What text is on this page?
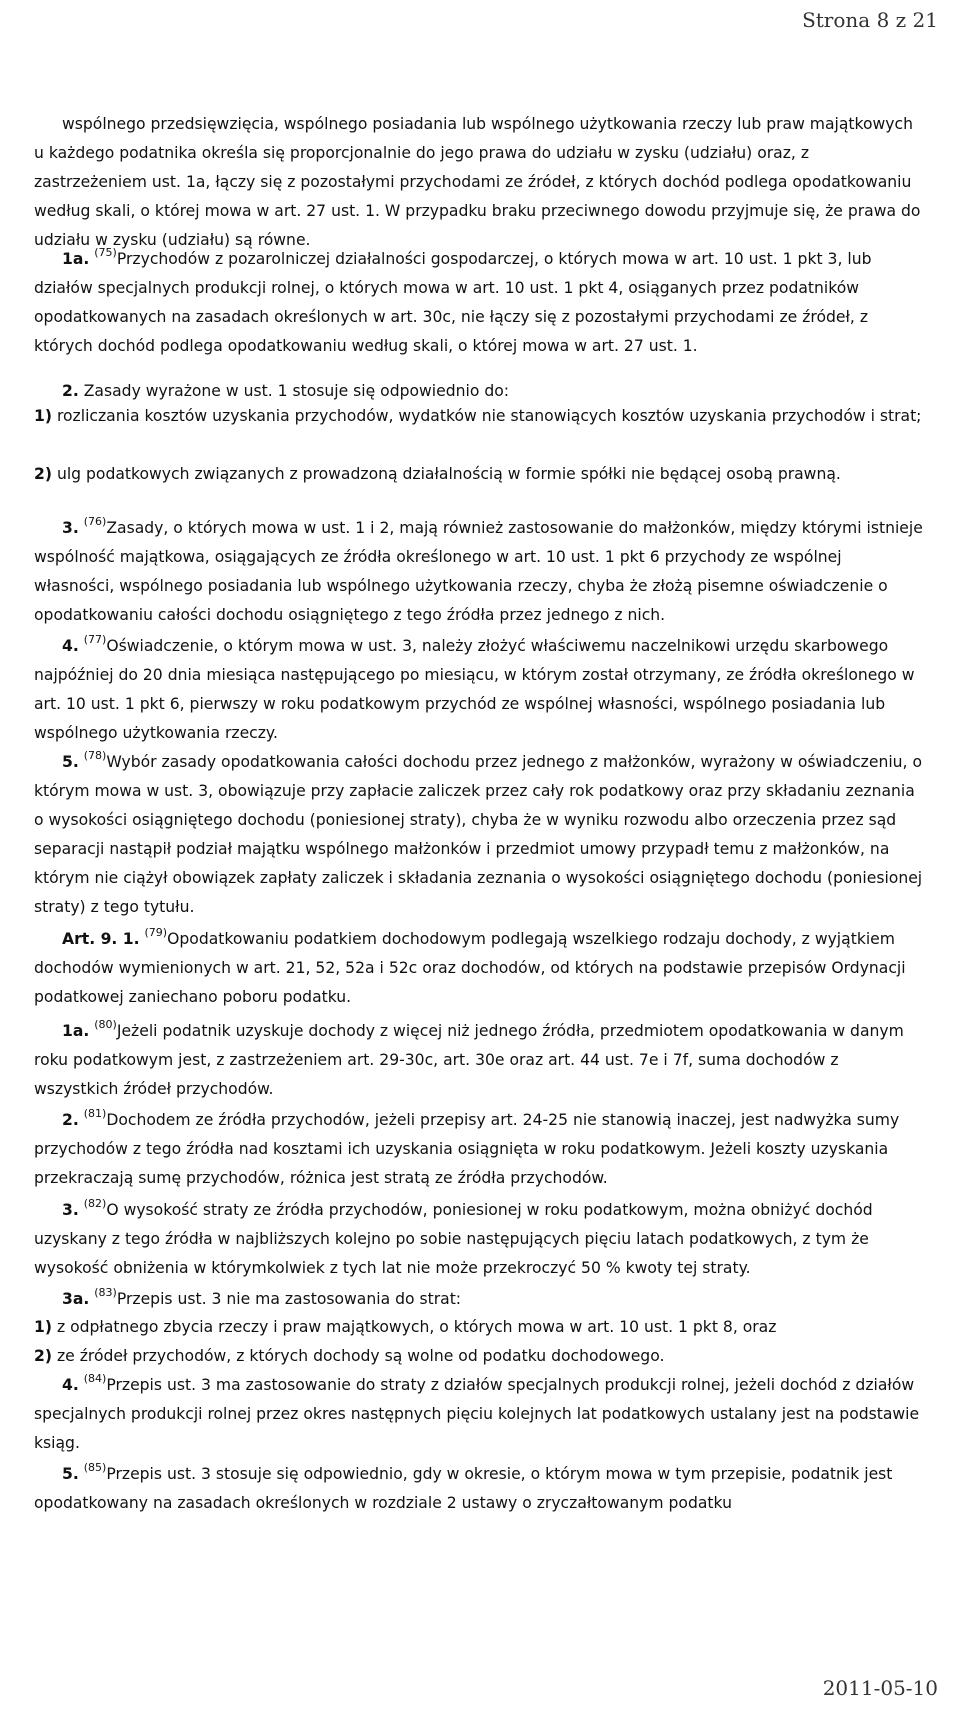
Strona 8 z 21
wspólnego przedsięwzięcia, wspólnego posiadania lub wspólnego użytkowania rzeczy lub praw majątkowych u każdego podatnika określa się proporcjonalnie do jego prawa do udziału w zysku (udziału) oraz, z zastrzeżeniem ust. 1a, łączy się z pozostałymi przychodami ze źródeł, z których dochód podlega opodatkowaniu według skali, o której mowa w art. 27 ust. 1. W przypadku braku przeciwnego dowodu przyjmuje się, że prawa do udziału w zysku (udziału) są równe.
1a. $^{(75)}$Przychodów z pozarolniczej działalności gospodarczej, o których mowa w art. 10 ust. 1 pkt 3, lub działów specjalnych produkcji rolnej, o których mowa w art. 10 ust. 1 pkt 4, osiąganych przez podatników opodatkowanych na zasadach określonych w art. 30c, nie łączy się z pozostałymi przychodami ze źródeł, z których dochód podlega opodatkowaniu według skali, o której mowa w art. 27 ust. 1.
2. Zasady wyrażone w ust. 1 stosuje się odpowiednio do:
1) rozliczania kosztów uzyskania przychodów, wydatków nie stanowiących kosztów uzyskania przychodów i strat;
2) ulg podatkowych związanych z prowadzoną działalnością w formie spółki nie będącej osobą prawną.
3. $^{(76)}$Zasady, o których mowa w ust. 1 i 2, mają również zastosowanie do małżonków, między którymi istnieje wspólność majątkowa, osiągających ze źródła określonego w art. 10 ust. 1 pkt 6 przychody ze wspólnej własności, wspólnego posiadania lub wspólnego użytkowania rzeczy, chyba że złożą pisemne oświadczenie o opodatkowaniu całości dochodu osiągniętego z tego źródła przez jednego z nich.
4. $^{(77)}$Oświadczenie, o którym mowa w ust. 3, należy złożyć właściwemu naczelnikowi urzędu skarbowego najpóźniej do 20 dnia miesiąca następującego po miesiącu, w którym został otrzymany, ze źródła określonego w art. 10 ust. 1 pkt 6, pierwszy w roku podatkowym przychód ze wspólnej własności, wspólnego posiadania lub wspólnego użytkowania rzeczy.
5. $^{(78)}$Wybór zasady opodatkowania całości dochodu przez jednego z małżonków, wyrażony w oświadczeniu, o którym mowa w ust. 3, obowiązuje przy zapłacie zaliczek przez cały rok podatkowy oraz przy składaniu zeznania o wysokości osiągniętego dochodu (poniesionej straty), chyba że w wyniku rozwodu albo orzeczenia przez sąd separacji nastąpił podział majątku wspólnego małżonków i przedmiot umowy przypadł temu z małżonków, na którym nie ciążył obowiązek zapłaty zaliczek i składania zeznania o wysokości osiągniętego dochodu (poniesionej straty) z tego tytułu.
Art. 9. 1. $^{(79)}$Opodatkowaniu podatkiem dochodowym podlegają wszelkiego rodzaju dochody, z wyjątkiem dochodów wymienionych w art. 21, 52, 52a i 52c oraz dochodów, od których na podstawie przepisów Ordynacji podatkowej zaniechano poboru podatku.
1a. $^{(80)}$Jeżeli podatnik uzyskuje dochody z więcej niż jednego źródła, przedmiotem opodatkowania w danym roku podatkowym jest, z zastrzeżeniem art. 29-30c, art. 30e oraz art. 44 ust. 7e i 7f, suma dochodów z wszystkich źródeł przychodów.
2. $^{(81)}$Dochodem ze źródła przychodów, jeżeli przepisy art. 24-25 nie stanowią inaczej, jest nadwyżka sumy przychodów z tego źródła nad kosztami ich uzyskania osiągnięta w roku podatkowym. Jeżeli koszty uzyskania przekraczają sumę przychodów, różnica jest stratą ze źródła przychodów.
3. $^{(82)}$O wysokość straty ze źródła przychodów, poniesionej w roku podatkowym, można obniżyć dochód uzyskany z tego źródła w najbliższych kolejno po sobie następujących pięciu latach podatkowych, z tym że wysokość obniżenia w którymkolwiek z tych lat nie może przekroczyć 50 % kwoty tej straty.
3a. $^{(83)}$Przepis ust. 3 nie ma zastosowania do strat:
1) z odpłatnego zbycia rzeczy i praw majątkowych, o których mowa w art. 10 ust. 1 pkt 8, oraz
2) ze źródeł przychodów, z których dochody są wolne od podatku dochodowego.
4. $^{(84)}$Przepis ust. 3 ma zastosowanie do straty z działów specjalnych produkcji rolnej, jeżeli dochód z działów specjalnych produkcji rolnej przez okres następnych pięciu kolejnych lat podatkowych ustalany jest na podstawie ksiąg.
5. $^{(85)}$Przepis ust. 3 stosuje się odpowiednio, gdy w okresie, o którym mowa w tym przepisie, podatnik jest opodatkowany na zasadach określonych w rozdziale 2 ustawy o zryczałtowanym podatku
2011-05-10
